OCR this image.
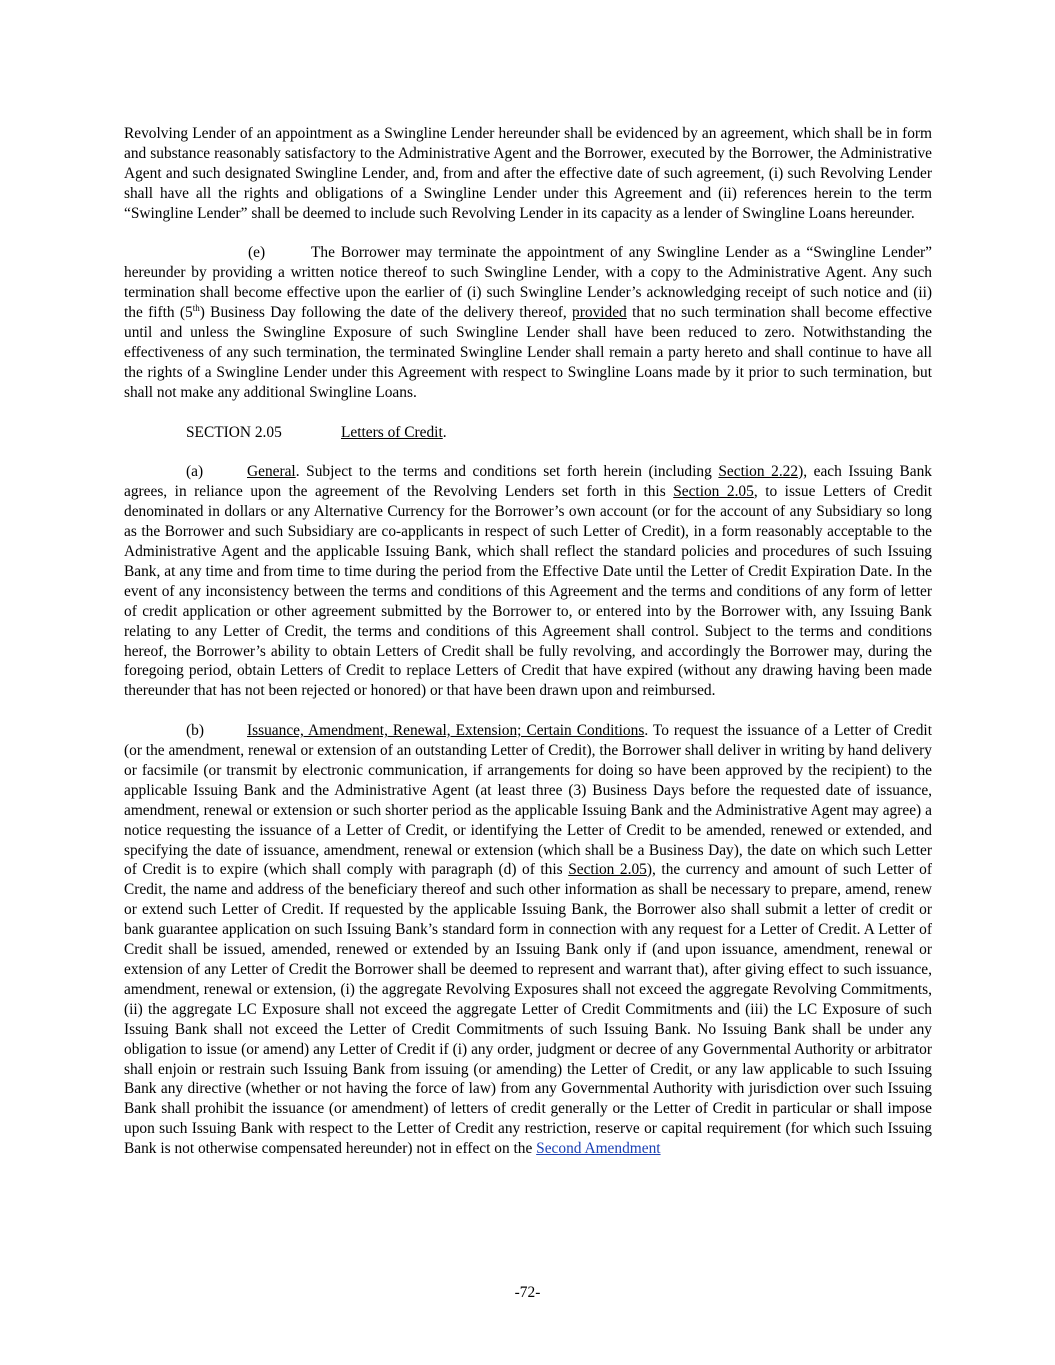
Revolving Lender of an appointment as a Swingline Lender hereunder shall be evidenced by an agreement, which shall be in form and substance reasonably satisfactory to the Administrative Agent and the Borrower, executed by the Borrower, the Administrative Agent and such designated Swingline Lender, and, from and after the effective date of such agreement, (i) such Revolving Lender shall have all the rights and obligations of a Swingline Lender under this Agreement and (ii) references herein to the term “Swingline Lender” shall be deemed to include such Revolving Lender in its capacity as a lender of Swingline Loans hereunder.

(e)	The Borrower may terminate the appointment of any Swingline Lender as a “Swingline Lender” hereunder by providing a written notice thereof to such Swingline Lender, with a copy to the Administrative Agent. Any such termination shall become effective upon the earlier of (i) such Swingline Lender’s acknowledging receipt of such notice and (ii) the fifth (5th) Business Day following the date of the delivery thereof, provided that no such termination shall become effective until and unless the Swingline Exposure of such Swingline Lender shall have been reduced to zero. Notwithstanding the effectiveness of any such termination, the terminated Swingline Lender shall remain a party hereto and shall continue to have all the rights of a Swingline Lender under this Agreement with respect to Swingline Loans made by it prior to such termination, but shall not make any additional Swingline Loans.

SECTION 2.05	Letters of Credit.

(a)	General. Subject to the terms and conditions set forth herein (including Section 2.22), each Issuing Bank agrees, in reliance upon the agreement of the Revolving Lenders set forth in this Section 2.05, to issue Letters of Credit denominated in dollars or any Alternative Currency for the Borrower’s own account (or for the account of any Subsidiary so long as the Borrower and such Subsidiary are co-applicants in respect of such Letter of Credit), in a form reasonably acceptable to the Administrative Agent and the applicable Issuing Bank, which shall reflect the standard policies and procedures of such Issuing Bank, at any time and from time to time during the period from the Effective Date until the Letter of Credit Expiration Date. In the event of any inconsistency between the terms and conditions of this Agreement and the terms and conditions of any form of letter of credit application or other agreement submitted by the Borrower to, or entered into by the Borrower with, any Issuing Bank relating to any Letter of Credit, the terms and conditions of this Agreement shall control. Subject to the terms and conditions hereof, the Borrower’s ability to obtain Letters of Credit shall be fully revolving, and accordingly the Borrower may, during the foregoing period, obtain Letters of Credit to replace Letters of Credit that have expired (without any drawing having been made thereunder that has not been rejected or honored) or that have been drawn upon and reimbursed.

(b)	Issuance, Amendment, Renewal, Extension; Certain Conditions. To request the issuance of a Letter of Credit (or the amendment, renewal or extension of an outstanding Letter of Credit), the Borrower shall deliver in writing by hand delivery or facsimile (or transmit by electronic communication, if arrangements for doing so have been approved by the recipient) to the applicable Issuing Bank and the Administrative Agent (at least three (3) Business Days before the requested date of issuance, amendment, renewal or extension or such shorter period as the applicable Issuing Bank and the Administrative Agent may agree) a notice requesting the issuance of a Letter of Credit, or identifying the Letter of Credit to be amended, renewed or extended, and specifying the date of issuance, amendment, renewal or extension (which shall be a Business Day), the date on which such Letter of Credit is to expire (which shall comply with paragraph (d) of this Section 2.05), the currency and amount of such Letter of Credit, the name and address of the beneficiary thereof and such other information as shall be necessary to prepare, amend, renew or extend such Letter of Credit. If requested by the applicable Issuing Bank, the Borrower also shall submit a letter of credit or bank guarantee application on such Issuing Bank’s standard form in connection with any request for a Letter of Credit. A Letter of Credit shall be issued, amended, renewed or extended by an Issuing Bank only if (and upon issuance, amendment, renewal or extension of any Letter of Credit the Borrower shall be deemed to represent and warrant that), after giving effect to such issuance, amendment, renewal or extension, (i) the aggregate Revolving Exposures shall not exceed the aggregate Revolving Commitments, (ii) the aggregate LC Exposure shall not exceed the aggregate Letter of Credit Commitments and (iii) the LC Exposure of such Issuing Bank shall not exceed the Letter of Credit Commitments of such Issuing Bank. No Issuing Bank shall be under any obligation to issue (or amend) any Letter of Credit if (i) any order, judgment or decree of any Governmental Authority or arbitrator shall enjoin or restrain such Issuing Bank from issuing (or amending) the Letter of Credit, or any law applicable to such Issuing Bank any directive (whether or not having the force of law) from any Governmental Authority with jurisdiction over such Issuing Bank shall prohibit the issuance (or amendment) of letters of credit generally or the Letter of Credit in particular or shall impose upon such Issuing Bank with respect to the Letter of Credit any restriction, reserve or capital requirement (for which such Issuing Bank is not otherwise compensated hereunder) not in effect on the Second Amendment

-72-
